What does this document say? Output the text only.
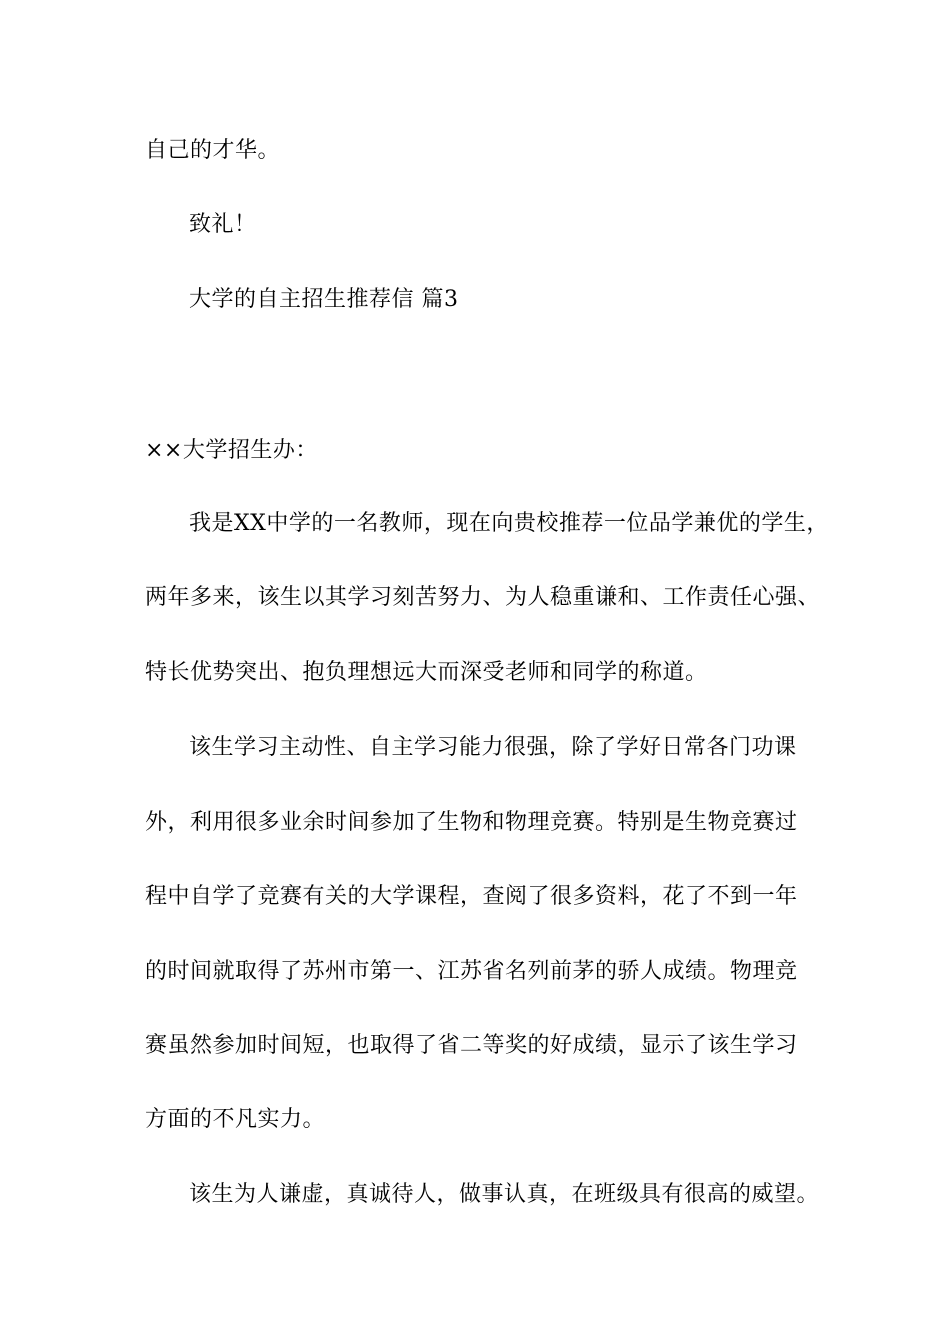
自己的才华。
致礼！
大学的自主招生推荐信 篇3
××大学招生办：
我是XX中学的一名教师，现在向贵校推荐一位品学兼优的学生，
两年多来，该生以其学习刻苦努力、为人稳重谦和、工作责任心强、
特长优势突出、抱负理想远大而深受老师和同学的称道。
该生学习主动性、自主学习能力很强，除了学好日常各门功课
外，利用很多业余时间参加了生物和物理竞赛。特别是生物竞赛过
程中自学了竞赛有关的大学课程，查阅了很多资料，花了不到一年
的时间就取得了苏州市第一、江苏省名列前茅的骄人成绩。物理竞
赛虽然参加时间短，也取得了省二等奖的好成绩，显示了该生学习
方面的不凡实力。
该生为人谦虚，真诚待人，做事认真，在班级具有很高的威望。
